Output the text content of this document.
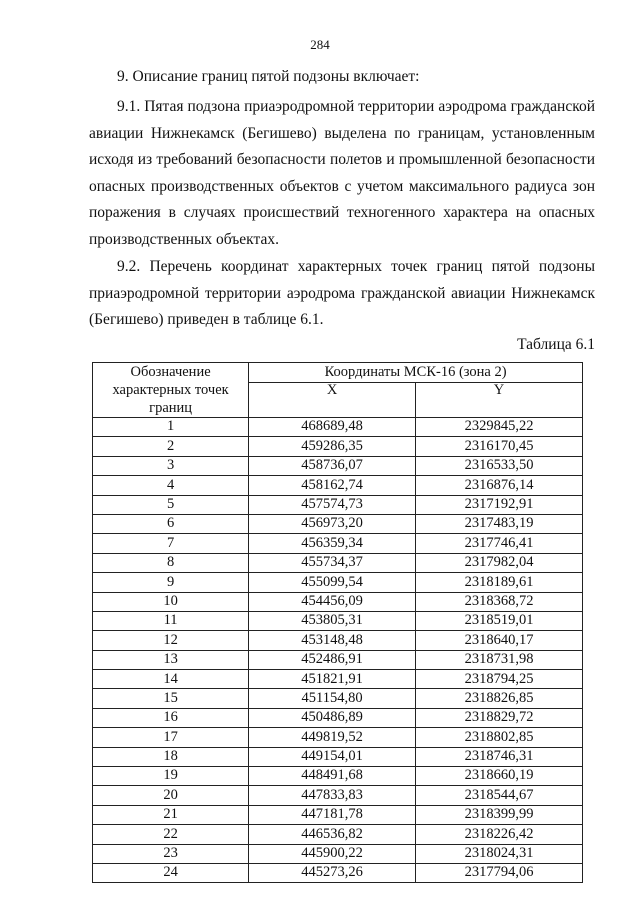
284

9. Описание границ пятой подзоны включает:

9.1. Пятая подзона приаэродромной территории аэродрома гражданской авиации Нижнекамск (Бегишево) выделена по границам, установленным исходя из требований безопасности полетов и промышленной безопасности опасных производственных объектов с учетом максимального радиуса зон поражения в случаях происшествий техногенного характера на опасных производственных объектах.

9.2. Перечень координат характерных точек границ пятой подзоны приаэродромной территории аэродрома гражданской авиации Нижнекамск (Бегишево) приведен в таблице 6.1.

Таблица 6.1
Обозначение характерных точек границ	Координаты МСК-16 (зона 2)	
	X	Y
1	468689,48	2329845,22
2	459286,35	2316170,45
3	458736,07	2316533,50
4	458162,74	2316876,14
5	457574,73	2317192,91
6	456973,20	2317483,19
7	456359,34	2317746,41
8	455734,37	2317982,04
9	455099,54	2318189,61
10	454456,09	2318368,72
11	453805,31	2318519,01
12	453148,48	2318640,17
13	452486,91	2318731,98
14	451821,91	2318794,25
15	451154,80	2318826,85
16	450486,89	2318829,72
17	449819,52	2318802,85
18	449154,01	2318746,31
19	448491,68	2318660,19
20	447833,83	2318544,67
21	447181,78	2318399,99
22	446536,82	2318226,42
23	445900,22	2318024,31
24	445273,26	2317794,06
